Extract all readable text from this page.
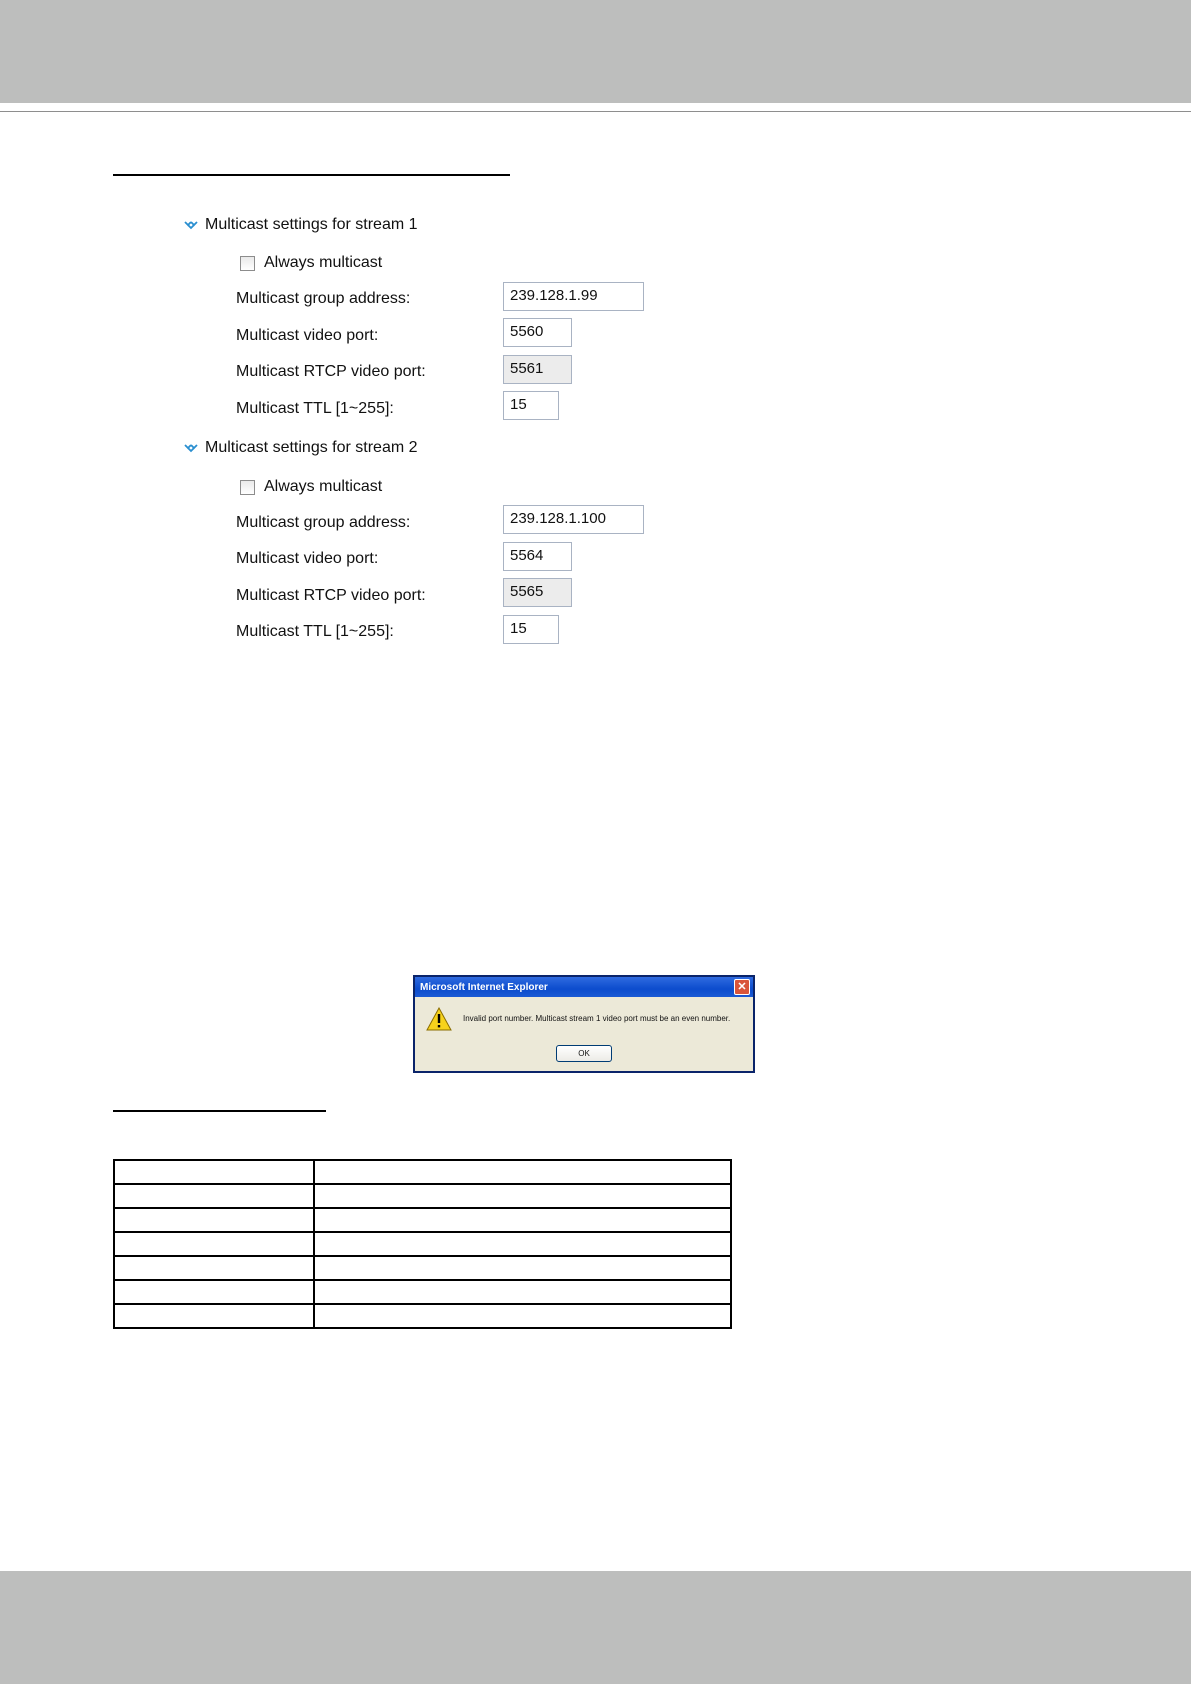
Multicast settings for stream 1
Always multicast
Multicast group address:	239.128.1.99
Multicast video port:	5560
Multicast RTCP video port:	5561
Multicast TTL [1~255]:	15
Multicast settings for stream 2
Always multicast
Multicast group address:	239.128.1.100
Multicast video port:	5564
Multicast RTCP video port:	5565
Multicast TTL [1~255]:	15
Microsoft Internet Explorer	✕
Invalid port number. Multicast stream 1 video port must be an even number.
OK
